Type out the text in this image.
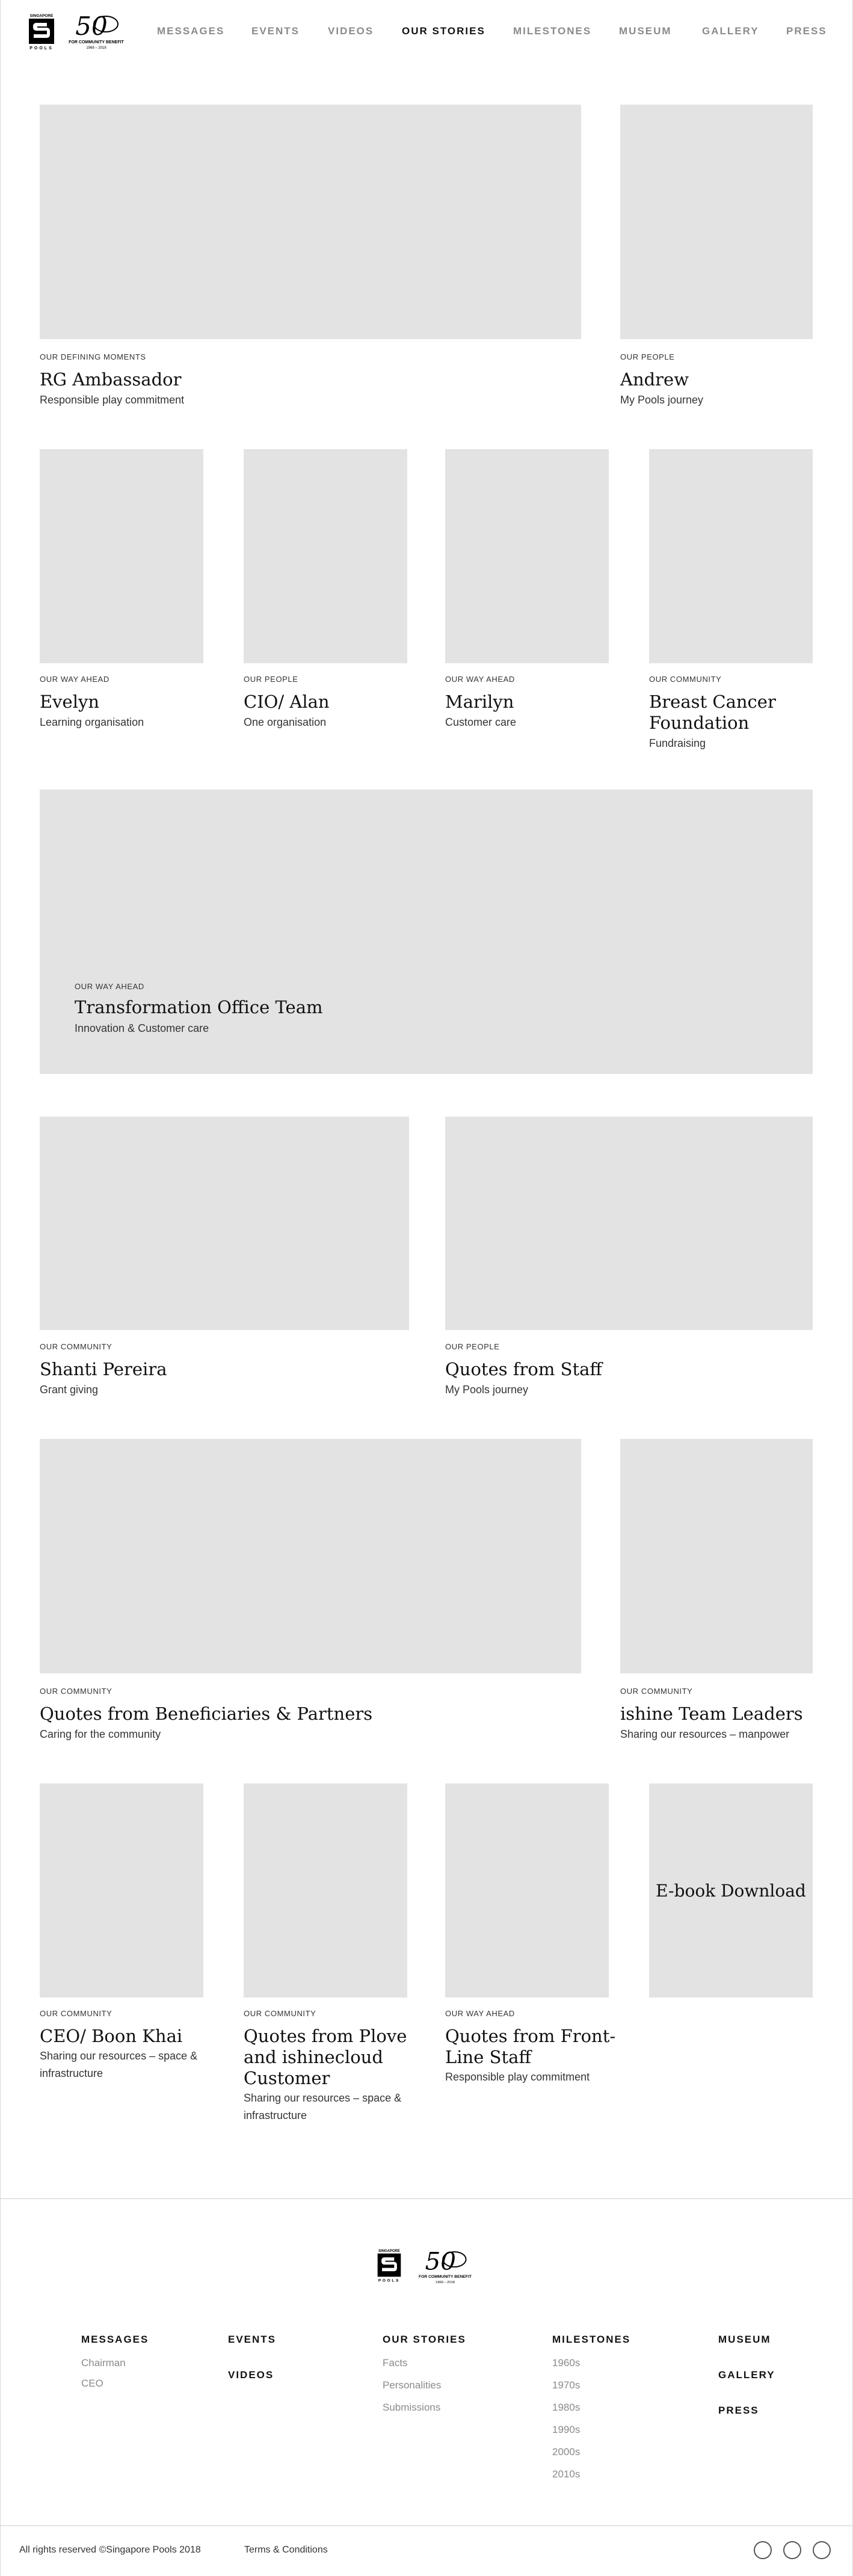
SINGAPORE
POOLS
50
FOR COMMUNITY BENEFIT
1968 – 2018
MESSAGES	EVENTS	VIDEOS	OUR STORIES	MILESTONES	MUSEUM	GALLERY	PRESS
OUR DEFINING MOMENTS
RG Ambassador
Responsible play commitment
OUR PEOPLE
Andrew
My Pools journey
OUR WAY AHEAD
Evelyn
Learning organisation
OUR PEOPLE
CIO/ Alan
One organisation
OUR WAY AHEAD
Marilyn
Customer care
OUR COMMUNITY
Breast Cancer Foundation
Fundraising
OUR WAY AHEAD
Transformation Office Team
Innovation & Customer care
OUR COMMUNITY
Shanti Pereira
Grant giving
OUR PEOPLE
Quotes from Staff
My Pools journey
OUR COMMUNITY
Quotes from Beneficiaries & Partners
Caring for the community
OUR COMMUNITY
ishine Team Leaders
Sharing our resources – manpower
OUR COMMUNITY
CEO/ Boon Khai
Sharing our resources – space & infrastructure
OUR COMMUNITY
Quotes from Plove and ishinecloud Customer
Sharing our resources – space & infrastructure
OUR WAY AHEAD
Quotes from Front-Line Staff
Responsible play commitment
E-book Download
SINGAPORE
POOLS
50
FOR COMMUNITY BENEFIT
1968 – 2018
MESSAGES
Chairman
CEO
EVENTS
VIDEOS
OUR STORIES
Facts
Personalities
Submissions
MILESTONES
1960s
1970s
1980s
1990s
2000s
2010s
MUSEUM
GALLERY
PRESS
All rights reserved ©Singapore Pools 2018	Terms & Conditions
